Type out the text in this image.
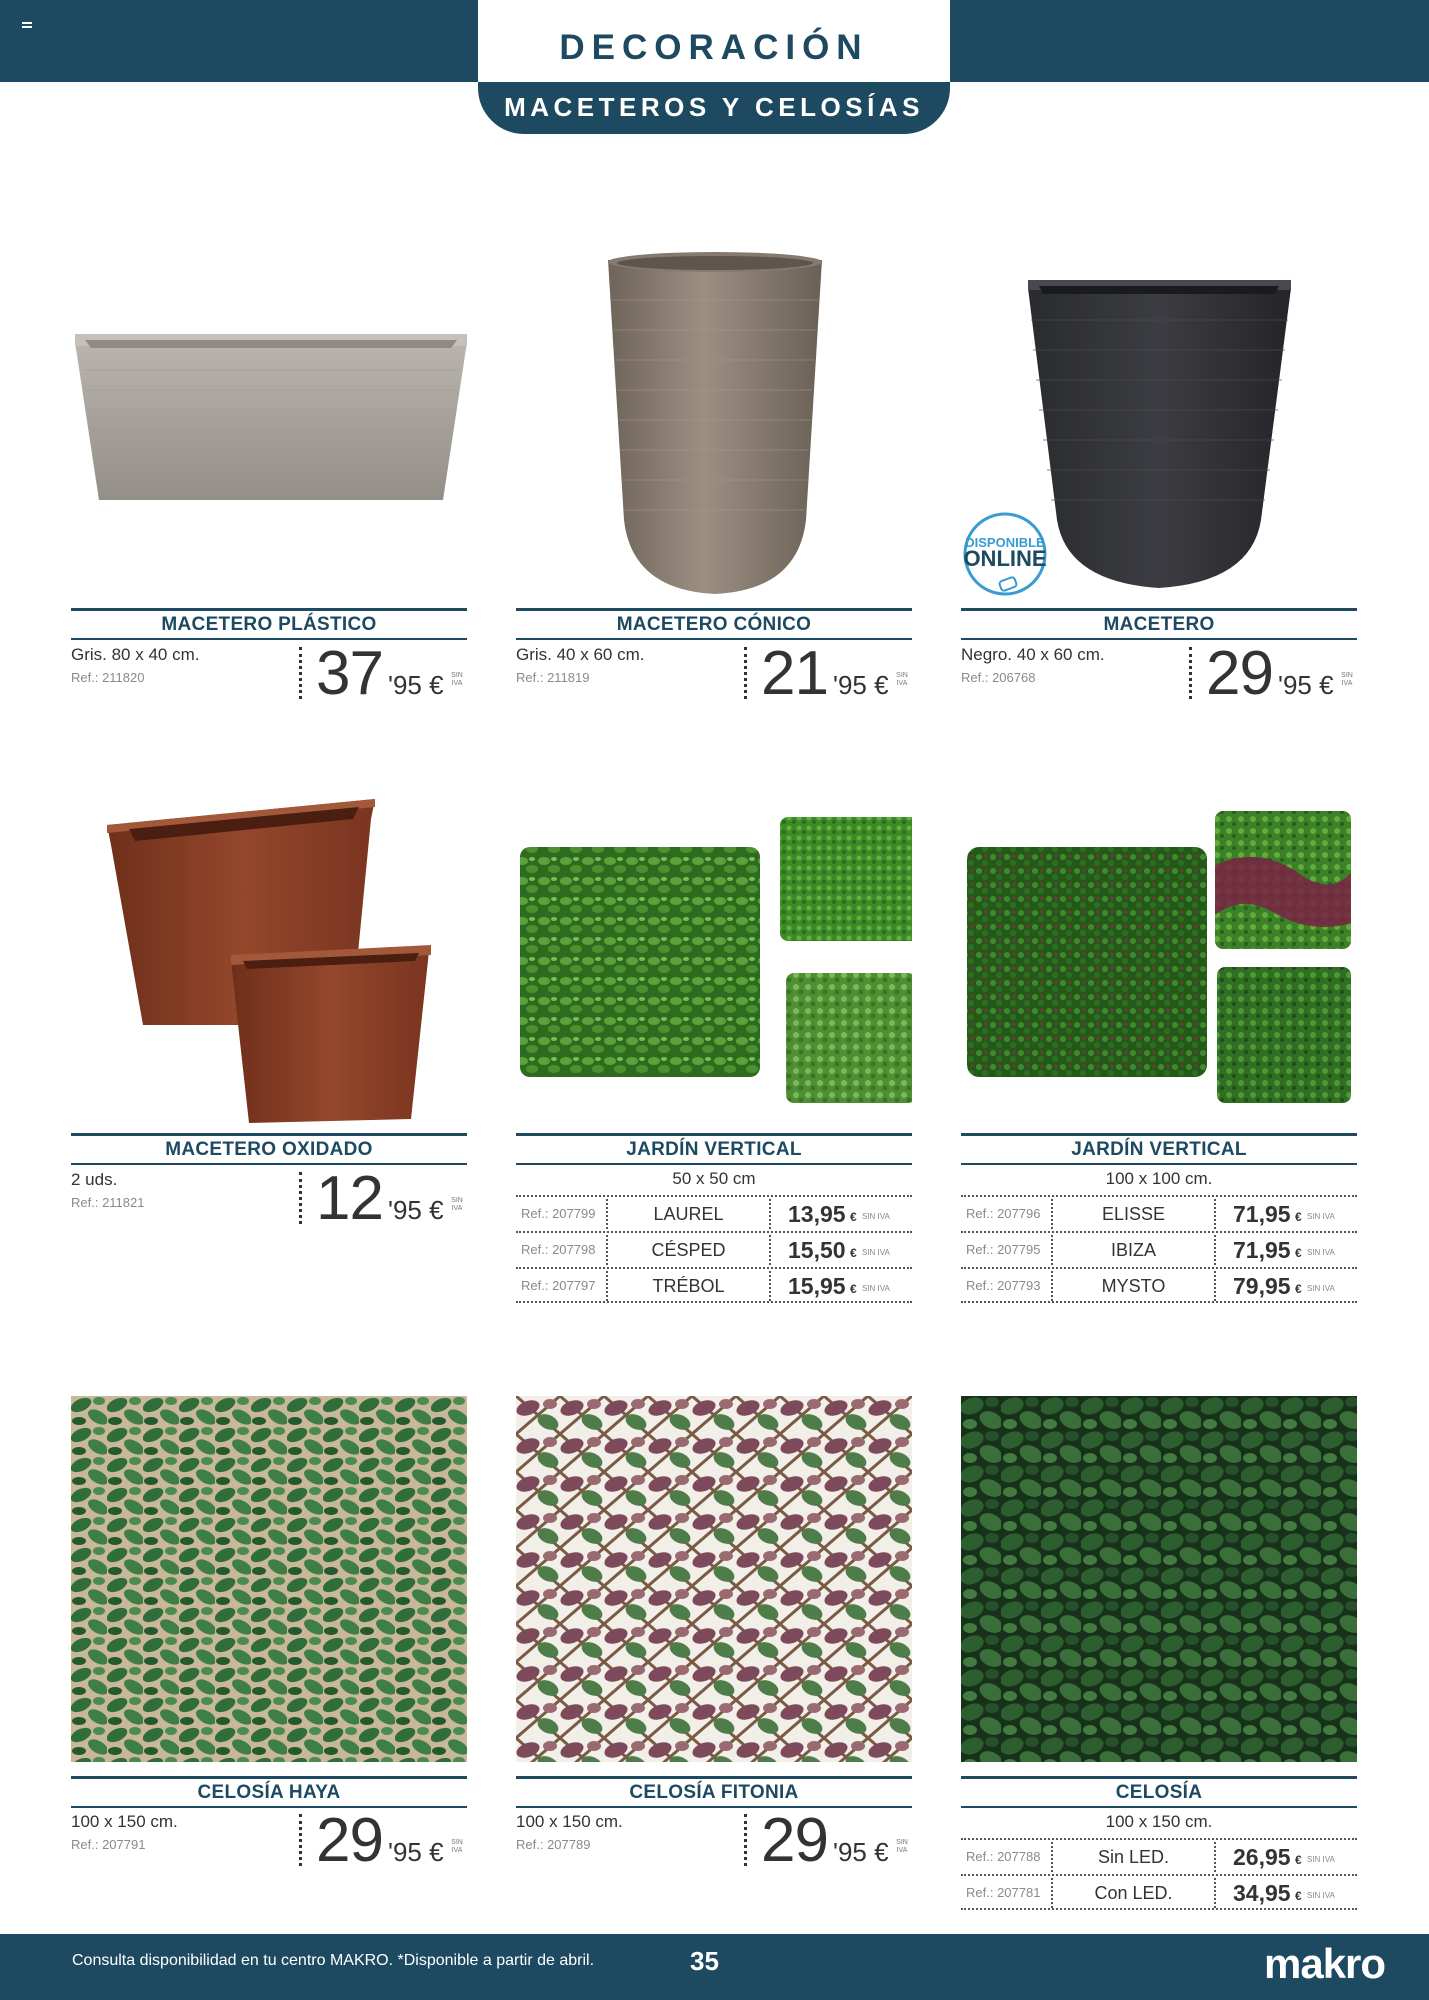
DECORACIÓN
MACETEROS Y CELOSÍAS
MACETERO PLÁSTICO
Gris. 80 x 40 cm.
Ref.: 211820	37 '95 €	SIN IVA
MACETERO CÓNICO
Gris. 40 x 60 cm.
Ref.: 211819	21 '95 €	SIN IVA
MACETERO
Negro. 40 x 60 cm.
Ref.: 206768	29 '95 €	SIN IVA
DISPONIBLE
ONLINE
MACETERO OXIDADO
2 uds.
Ref.: 211821	12 '95 €	SIN IVA
JARDÍN VERTICAL
50 x 50 cm
Ref.: 207799	LAUREL	13,95 € SIN IVA
Ref.: 207798	CÉSPED	15,50 € SIN IVA
Ref.: 207797	TRÉBOL	15,95 € SIN IVA
JARDÍN VERTICAL
100 x 100 cm.
Ref.: 207796	ELISSE	71,95 € SIN IVA
Ref.: 207795	IBIZA	71,95 € SIN IVA
Ref.: 207793	MYSTO	79,95 € SIN IVA
CELOSÍA HAYA
100 x 150 cm.
Ref.: 207791	29 '95 €	SIN IVA
CELOSÍA FITONIA
100 x 150 cm.
Ref.: 207789	29 '95 €	SIN IVA
CELOSÍA
100 x 150 cm.
Ref.: 207788	Sin LED.	26,95 € SIN IVA
Ref.: 207781	Con LED.	34,95 € SIN IVA
Consulta disponibilidad en tu centro MAKRO. *Disponible a partir de abril.	35	makro
